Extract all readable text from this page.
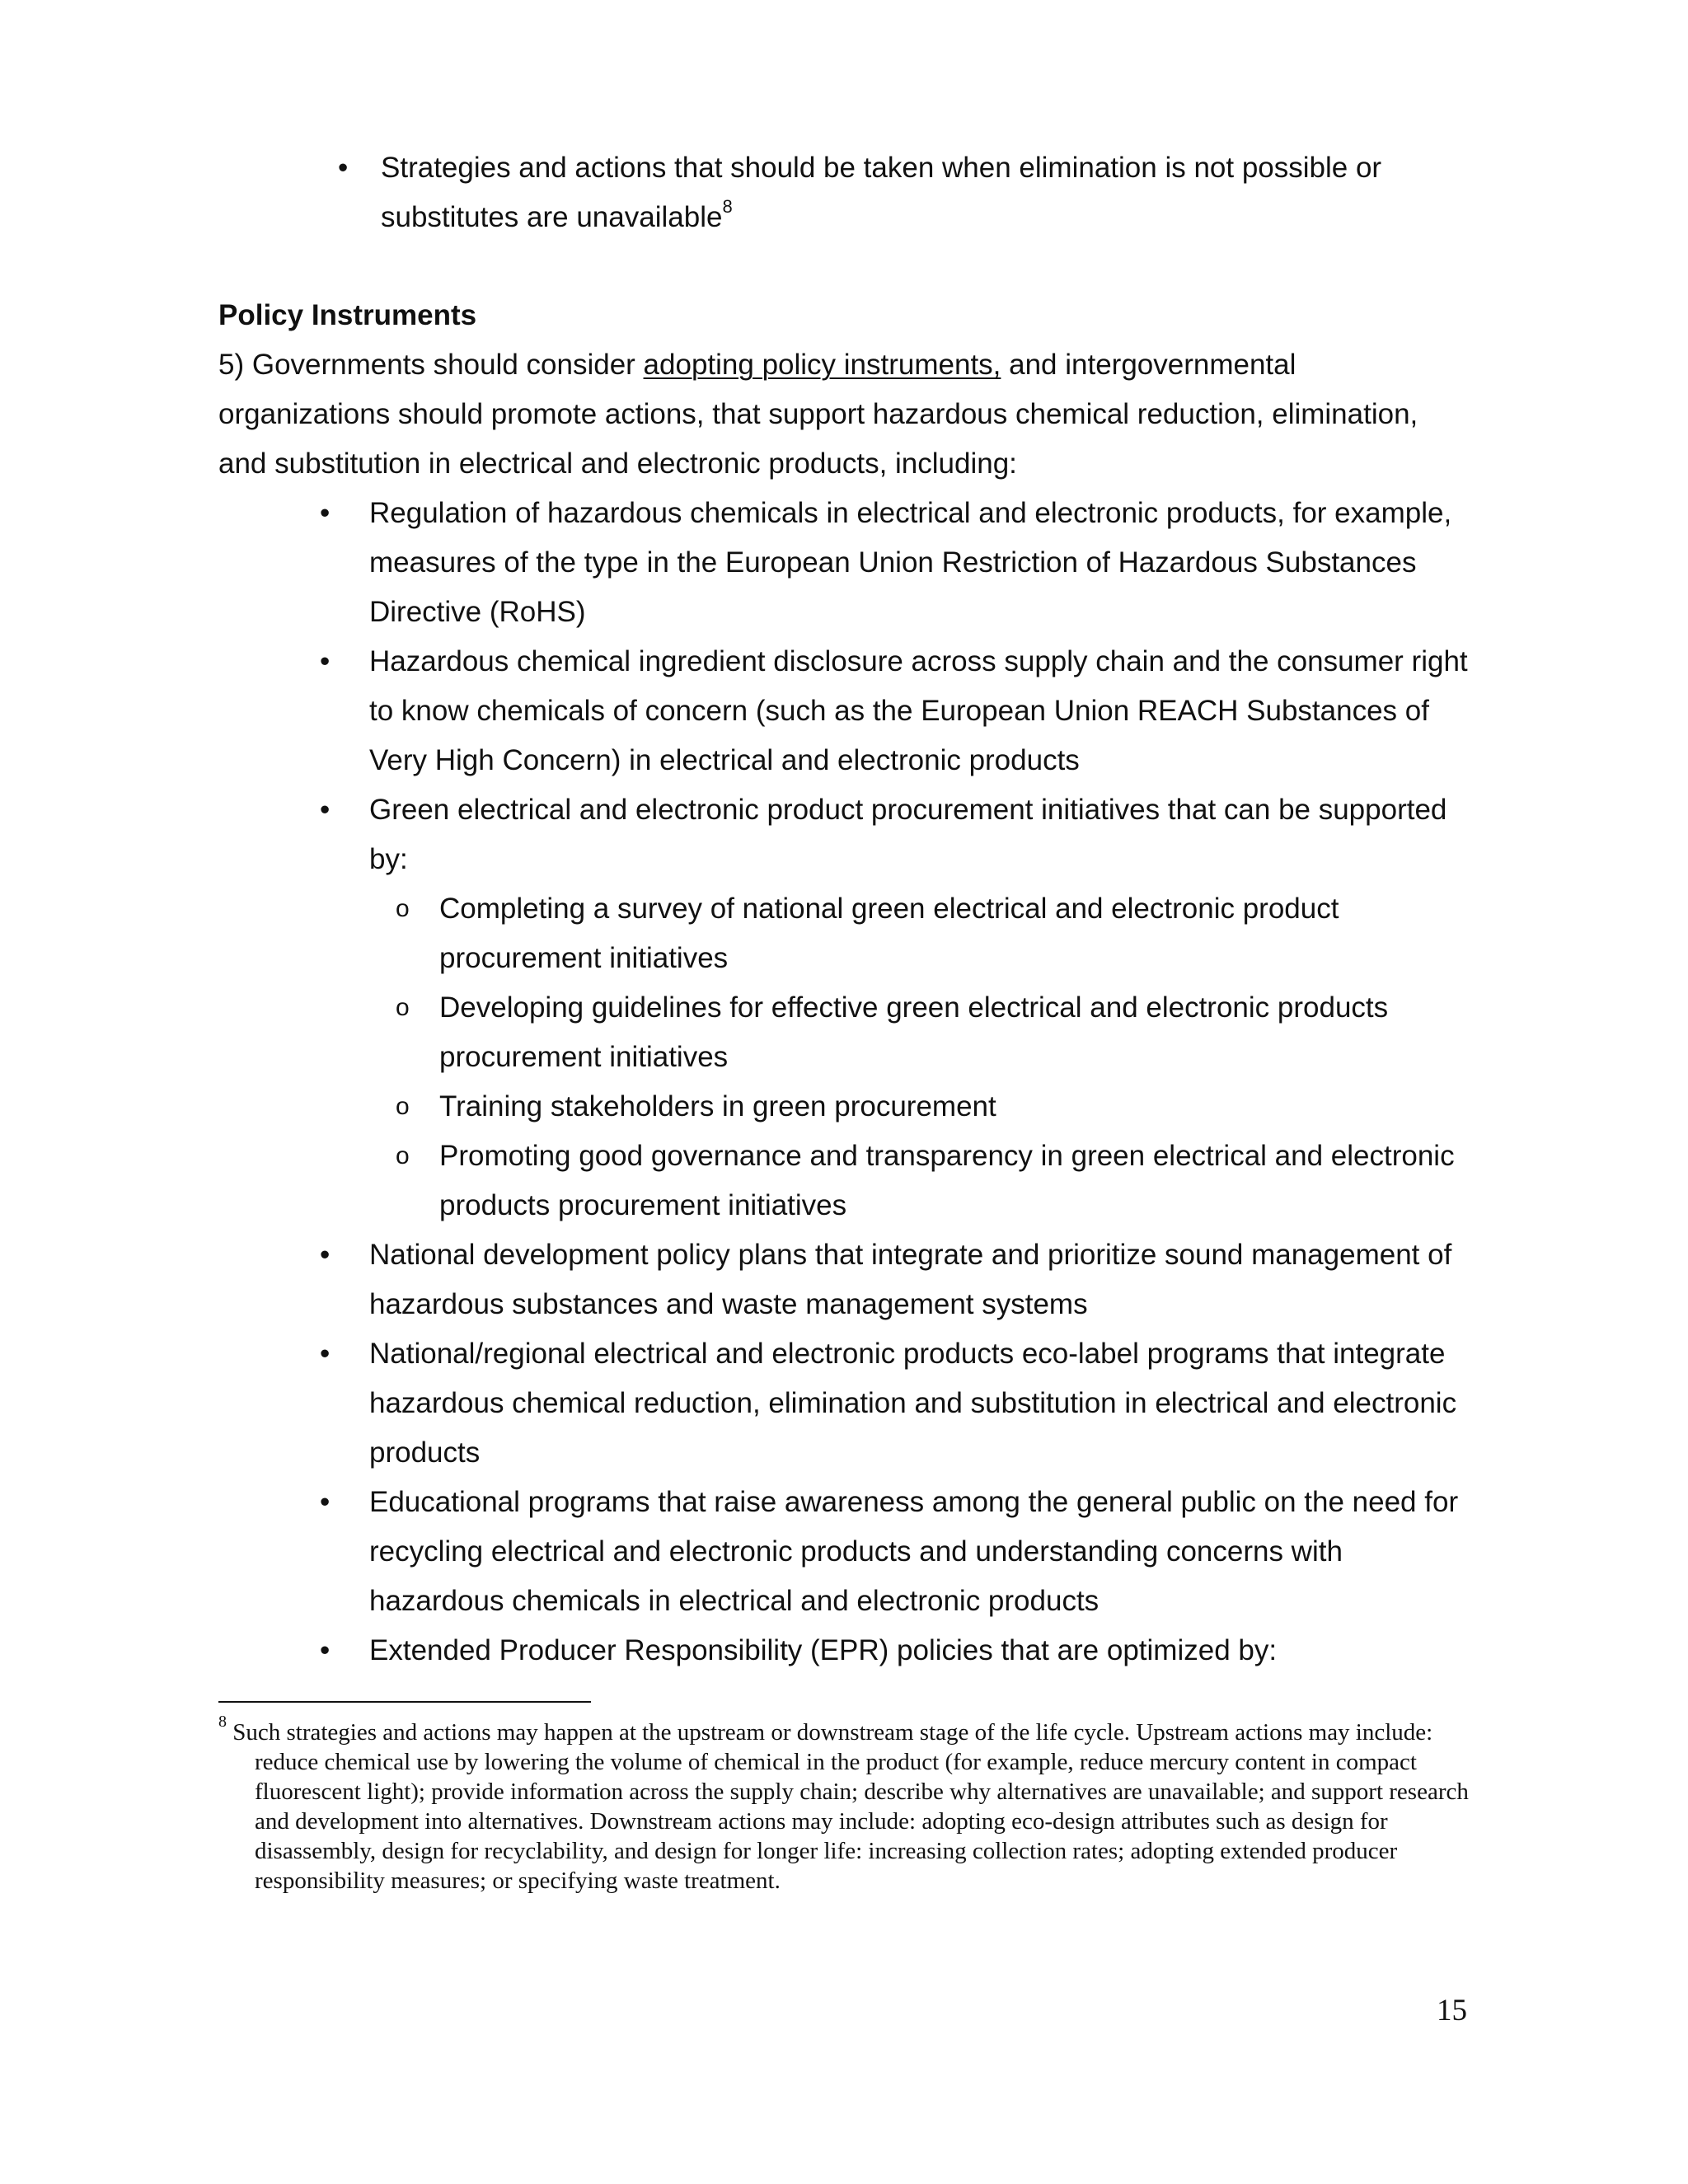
•	Strategies and actions that should be taken when elimination is not possible or substitutes are unavailable$^8$
Policy Instruments
5) Governments should consider adopting policy instruments, and intergovernmental organizations should promote actions, that support hazardous chemical reduction, elimination, and substitution in electrical and electronic products, including:
• Regulation of hazardous chemicals in electrical and electronic products, for example, measures of the type in the European Union Restriction of Hazardous Substances Directive (RoHS)
• Hazardous chemical ingredient disclosure across supply chain and the consumer right to know chemicals of concern (such as the European Union REACH Substances of Very High Concern) in electrical and electronic products
• Green electrical and electronic product procurement initiatives that can be supported by:
o Completing a survey of national green electrical and electronic product procurement initiatives
o Developing guidelines for effective green electrical and electronic products procurement initiatives
o Training stakeholders in green procurement
o Promoting good governance and transparency in green electrical and electronic products procurement initiatives
• National development policy plans that integrate and prioritize sound management of hazardous substances and waste management systems
• National/regional electrical and electronic products eco-label programs that integrate hazardous chemical reduction, elimination and substitution in electrical and electronic products
• Educational programs that raise awareness among the general public on the need for recycling electrical and electronic products and understanding concerns with hazardous chemicals in electrical and electronic products
• Extended Producer Responsibility (EPR) policies that are optimized by:
$^8$ Such strategies and actions may happen at the upstream or downstream stage of the life cycle. Upstream actions may include: reduce chemical use by lowering the volume of chemical in the product (for example, reduce mercury content in compact fluorescent light); provide information across the supply chain; describe why alternatives are unavailable; and support research and development into alternatives. Downstream actions may include: adopting eco-design attributes such as design for disassembly, design for recyclability, and design for longer life: increasing collection rates; adopting extended producer responsibility measures; or specifying waste treatment.
15
